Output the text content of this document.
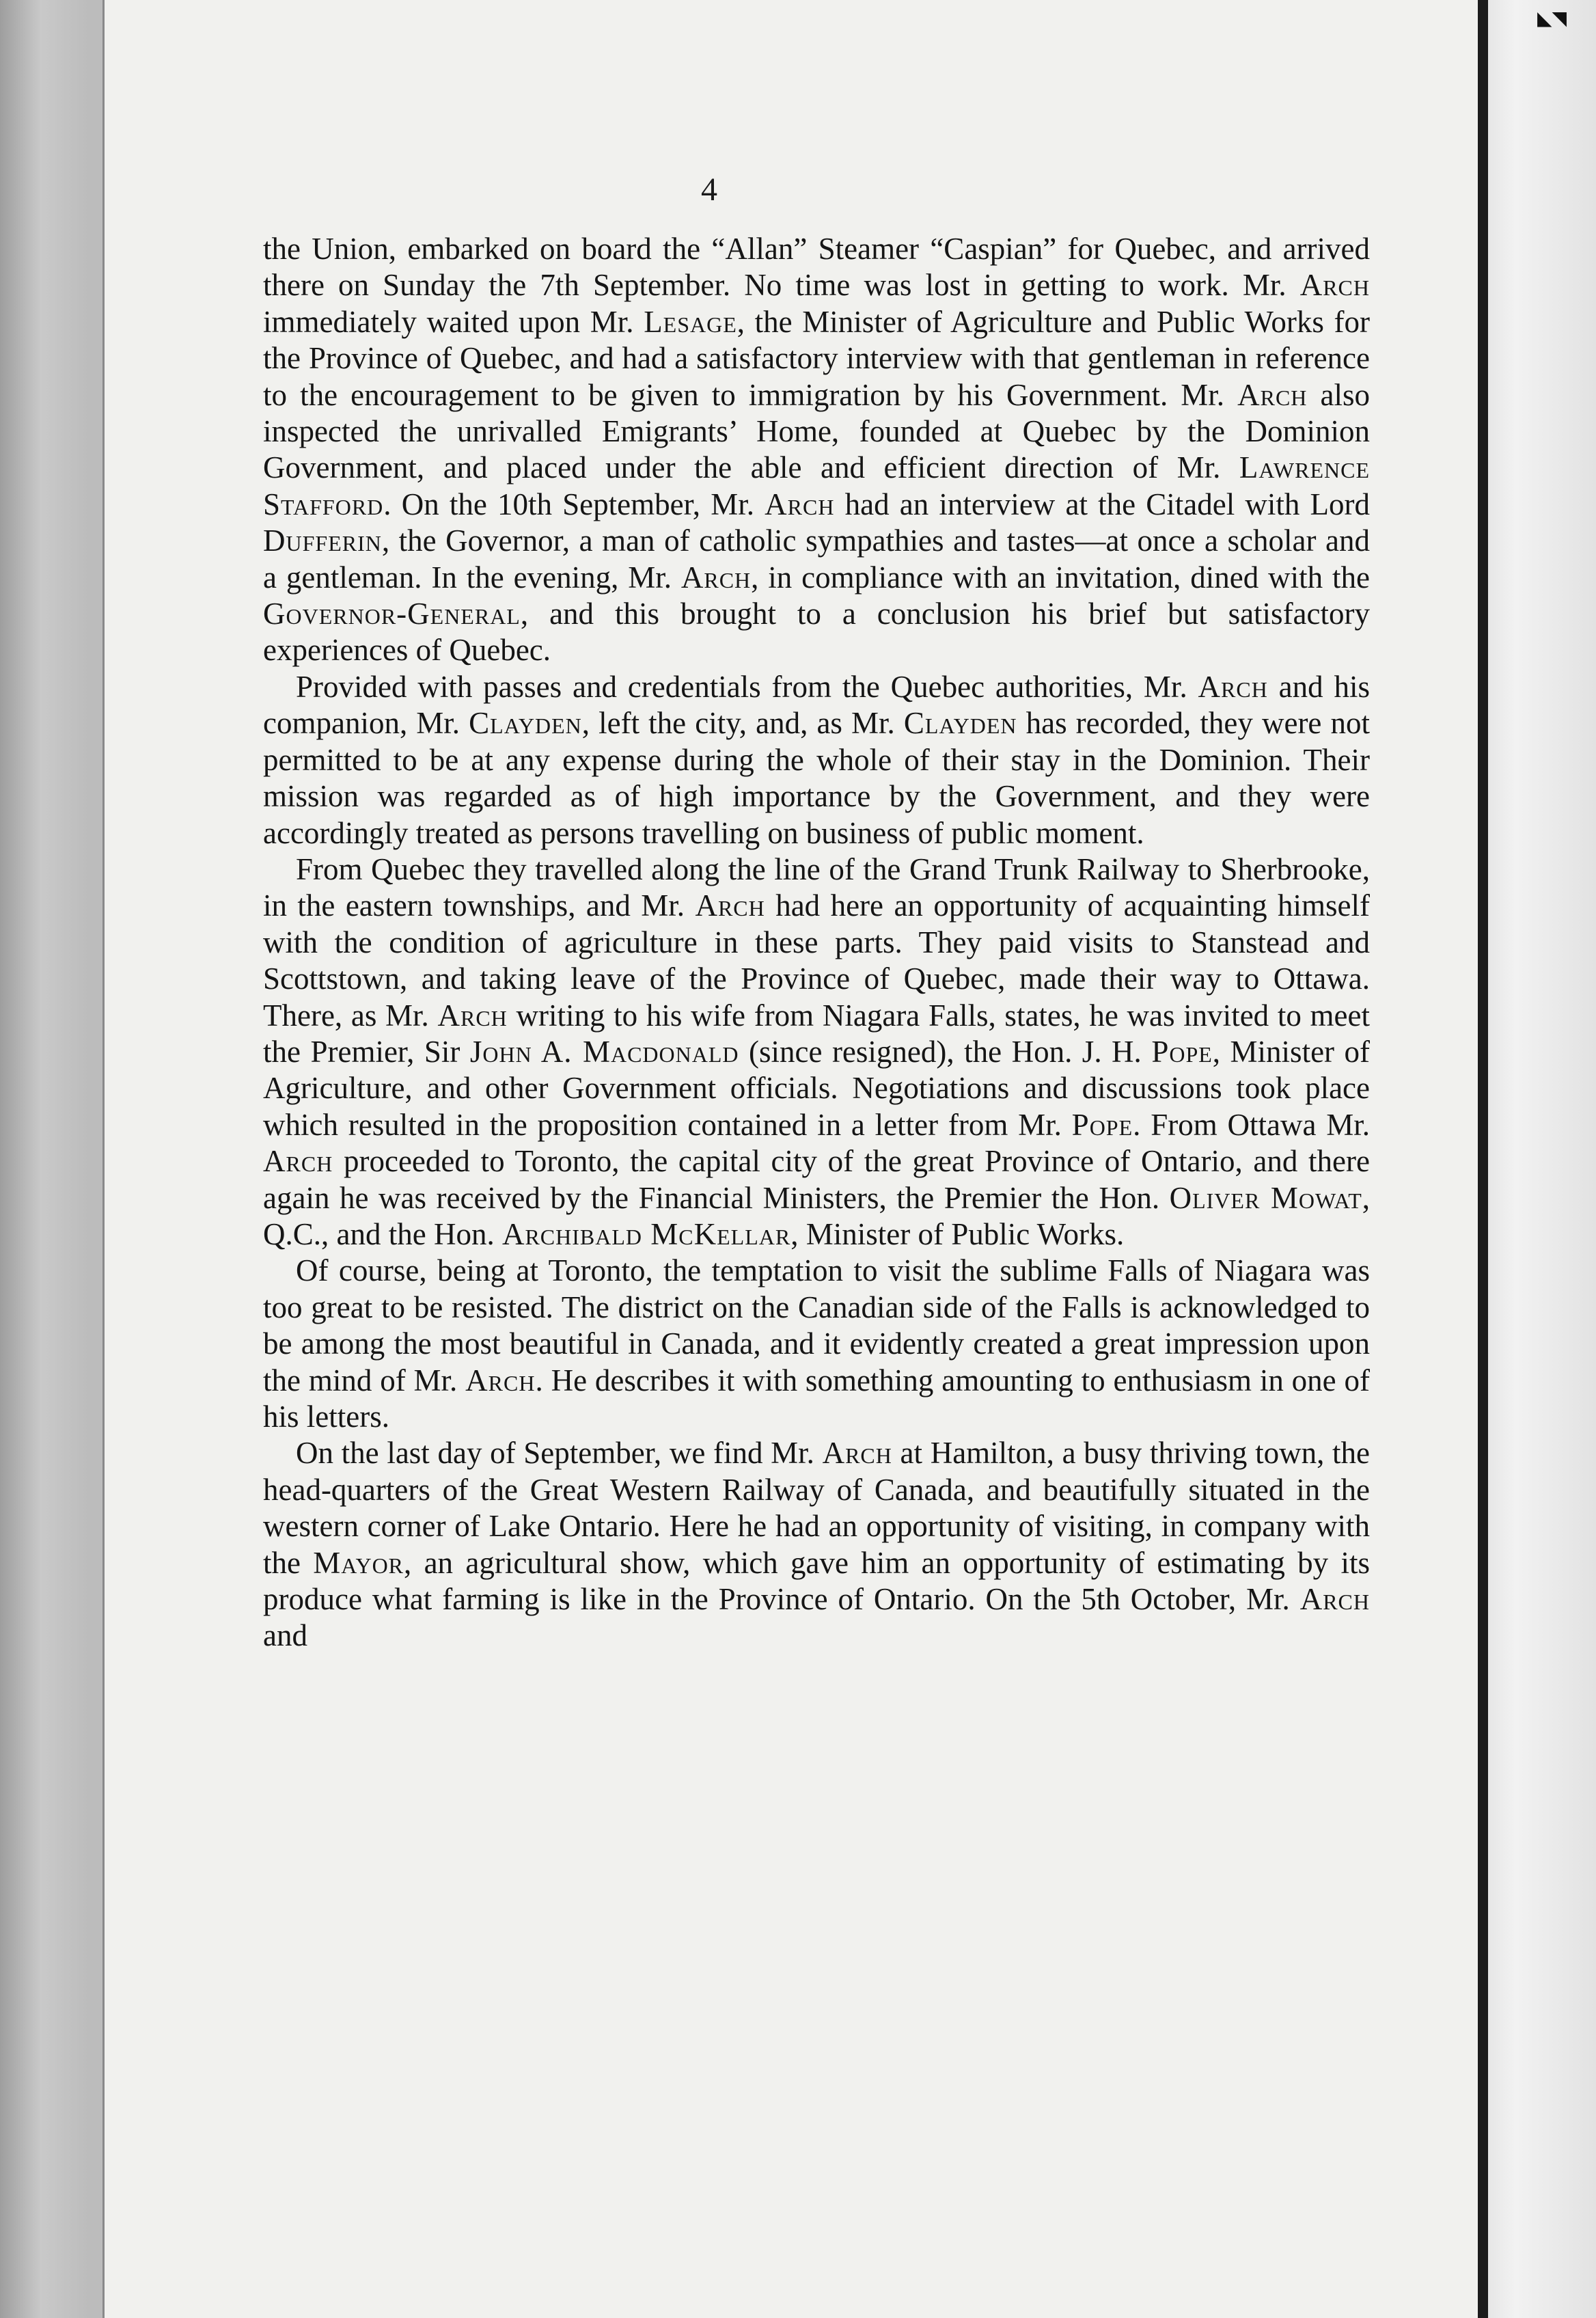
◣◥
4

the Union, embarked on board the “Allan” Steamer “Caspian” for Quebec, and arrived there on Sunday the 7th September. No time was lost in getting to work. Mr. Arch immediately waited upon Mr. Lesage, the Minister of Agriculture and Public Works for the Province of Quebec, and had a satisfactory interview with that gentleman in reference to the encouragement to be given to immigration by his Government. Mr. Arch also inspected the unrivalled Emigrants’ Home, founded at Quebec by the Dominion Government, and placed under the able and efficient direction of Mr. Lawrence Stafford. On the 10th September, Mr. Arch had an interview at the Citadel with Lord Dufferin, the Governor, a man of catholic sympathies and tastes—at once a scholar and a gentleman. In the evening, Mr. Arch, in compliance with an invitation, dined with the Governor-General, and this brought to a conclusion his brief but satisfactory experiences of Quebec.

Provided with passes and credentials from the Quebec authorities, Mr. Arch and his companion, Mr. Clayden, left the city, and, as Mr. Clayden has recorded, they were not permitted to be at any expense during the whole of their stay in the Dominion. Their mission was regarded as of high importance by the Government, and they were accordingly treated as persons travelling on business of public moment.

From Quebec they travelled along the line of the Grand Trunk Railway to Sherbrooke, in the eastern townships, and Mr. Arch had here an opportunity of acquainting himself with the condition of agriculture in these parts. They paid visits to Stanstead and Scottstown, and taking leave of the Province of Quebec, made their way to Ottawa. There, as Mr. Arch writing to his wife from Niagara Falls, states, he was invited to meet the Premier, Sir John A. Macdonald (since resigned), the Hon. J. H. Pope, Minister of Agriculture, and other Government officials. Negotiations and discussions took place which resulted in the proposition contained in a letter from Mr. Pope. From Ottawa Mr. Arch proceeded to Toronto, the capital city of the great Province of Ontario, and there again he was received by the Financial Ministers, the Premier the Hon. Oliver Mowat, Q.C., and the Hon. Archibald McKellar, Minister of Public Works.

Of course, being at Toronto, the temptation to visit the sublime Falls of Niagara was too great to be resisted. The district on the Canadian side of the Falls is acknowledged to be among the most beautiful in Canada, and it evidently created a great impression upon the mind of Mr. Arch. He describes it with something amounting to enthusiasm in one of his letters.

On the last day of September, we find Mr. Arch at Hamilton, a busy thriving town, the head-quarters of the Great Western Railway of Canada, and beautifully situated in the western corner of Lake Ontario. Here he had an opportunity of visiting, in company with the Mayor, an agricultural show, which gave him an opportunity of estimating by its produce what farming is like in the Province of Ontario. On the 5th October, Mr. Arch and
